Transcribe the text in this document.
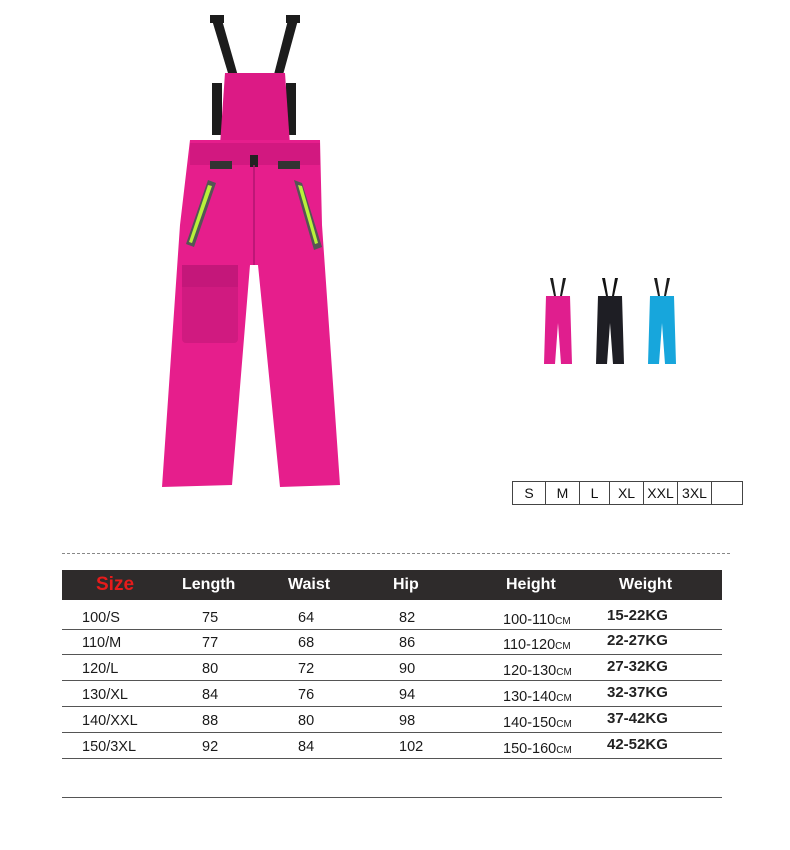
S	M	L	XL XXL 3XL
Size	Length	Waist	Hip	Height	Weight
100/S	75	64	82	100-110CM 15-22KG
110/M	77	68	86	110-120CM 22-27KG
120/L	80	72	90	120-130CM 27-32KG
130/XL	84	76	94	130-140CM 32-37KG
140/XXL	88	80	98	140-150CM 37-42KG
150/3XL	92	84	102	150-160CM 42-52KG
